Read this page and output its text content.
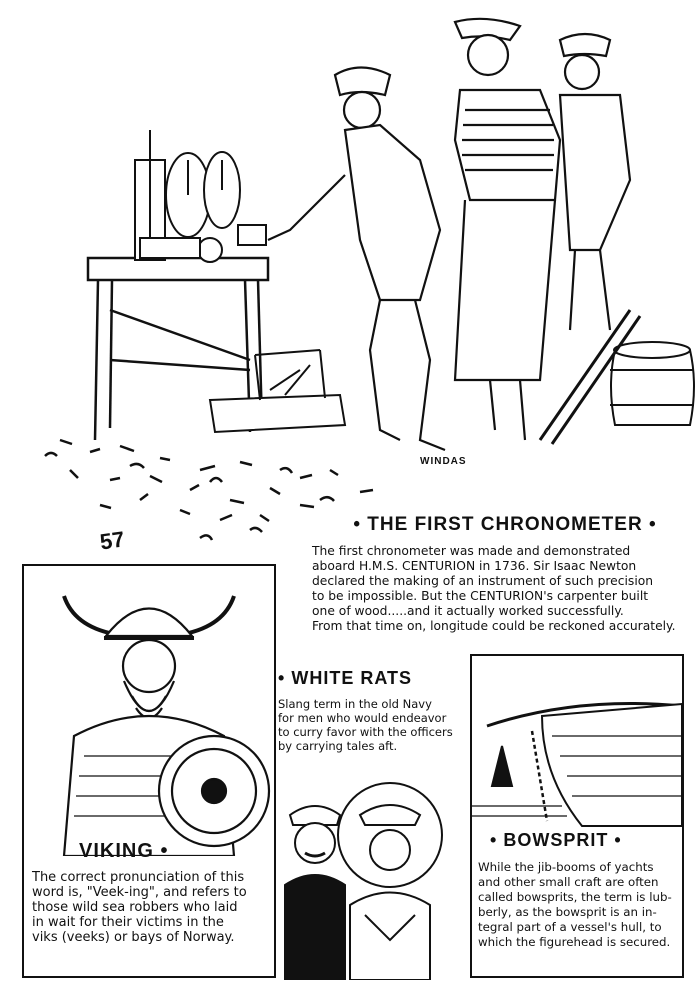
WINDAS
57
• THE FIRST CHRONOMETER •
The first chronometer was made and demonstrated
aboard H.M.S. CENTURION in 1736. Sir Isaac Newton
declared the making of an instrument of such precision
to be impossible. But the CENTURION's carpenter built
one of wood.....and it actually worked successfully.
From that time on, longitude could be reckoned accurately.
VIKING •
The correct pronunciation of this
word is, "Veek-ing", and refers to
those wild sea robbers who laid
in wait for their victims in the
viks (veeks) or bays of Norway.
• WHITE RATS
Slang term in the old Navy
for men who would endeavor
to curry favor with the officers
by carrying tales aft.
• BOWSPRIT •
While the jib-booms of yachts
and other small craft are often
called bowsprits, the term is lub-
berly, as the bowsprit is an in-
tegral part of a vessel's hull, to
which the figurehead is secured.
